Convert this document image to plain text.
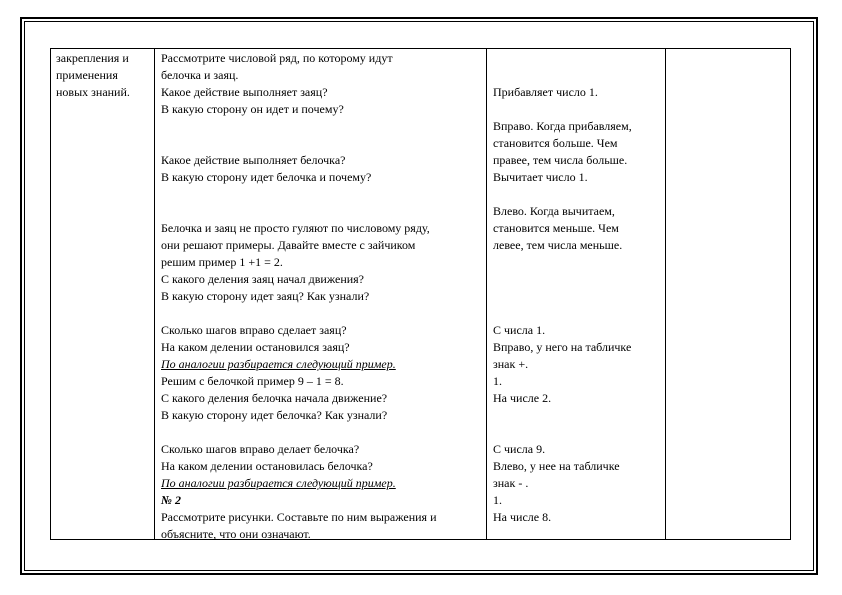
закрепления и
применения
новых знаний.
Рассмотрите числовой ряд, по которому идут
белочка и заяц.
Какое действие выполняет заяц?
В какую сторону он идет и почему?
Какое действие выполняет белочка?
В какую сторону идет белочка и почему?
Белочка и заяц не просто гуляют по числовому ряду,
они решают примеры. Давайте вместе с зайчиком
решим пример 1 +1 = 2.
С какого деления заяц начал движения?
В какую сторону идет заяц? Как узнали?
Сколько шагов вправо сделает заяц?
На каком делении остановился заяц?
По аналогии разбирается следующий пример.
Решим с белочкой пример 9 – 1 = 8.
С какого деления белочка начала движение?
В какую сторону идет белочка? Как узнали?
Сколько шагов вправо делает белочка?
На каком делении остановилась белочка?
По аналогии разбирается следующий пример.
№ 2
Рассмотрите рисунки. Составьте по ним выражения и
объясните, что они означают.
Прибавляет число 1.
Вправо. Когда прибавляем,
становится больше. Чем
правее, тем числа больше.
Вычитает число 1.
Влево. Когда вычитаем,
становится меньше. Чем
левее, тем числа меньше.
С числа 1.
Вправо, у него на табличке
знак +.
1.
На числе 2.
С числа 9.
Влево, у нее на табличке
знак - .
1.
На числе 8.
